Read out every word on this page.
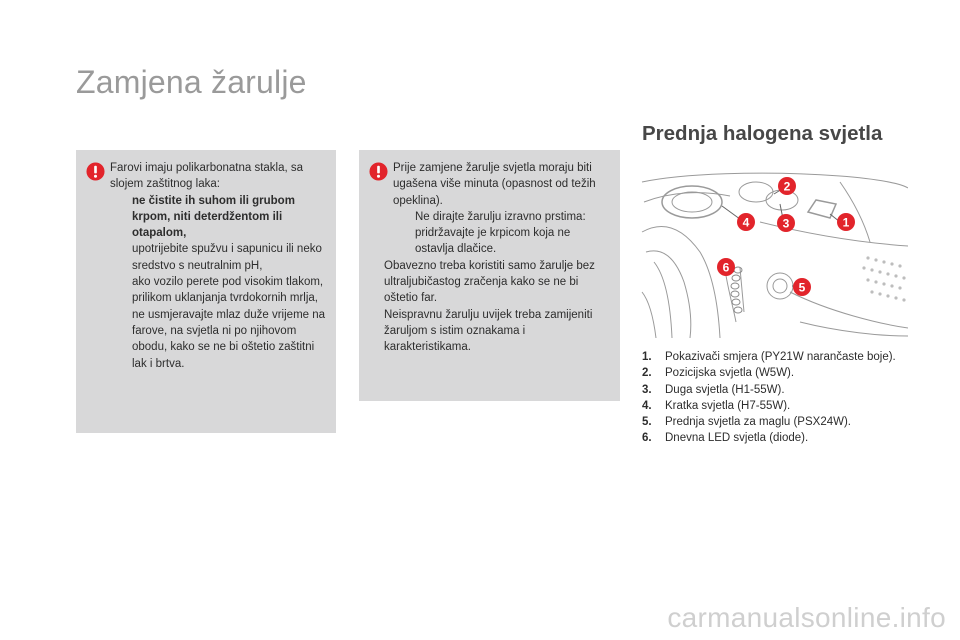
Zamjena žarulje

Farovi imaju polikarbonatna stakla, sa slojem zaštitnog laka:

ne čistite ih suhom ili grubom krpom, niti deterdžentom ili otapalom,
upotrijebite spužvu i sapunicu ili neko sredstvo s neutralnim pH,
ako vozilo perete pod visokim tlakom, prilikom uklanjanja tvrdokornih mrlja, ne usmjeravajte mlaz duže vrijeme na farove, na svjetla ni po njihovom obodu, kako se ne bi oštetio zaštitni lak i brtva.

Prije zamjene žarulje svjetla moraju biti ugašena više minuta (opasnost od težih opeklina).

Ne dirajte žarulju izravno prstima: pridržavajte je krpicom koja ne ostavlja dlačice.

Obavezno treba koristiti samo žarulje bez ultraljubičastog zračenja kako se ne bi oštetio far.

Neispravnu žarulju uvijek treba zamijeniti žaruljom s istim oznakama i karakteristikama.

Prednja halogena svjetla
1
2
3
4
5
6
1. Pokazivači smjera (PY21W narančaste boje).
2. Pozicijska svjetla (W5W).
3. Duga svjetla (H1-55W).
4. Kratka svjetla (H7-55W).
5. Prednja svjetla za maglu (PSX24W).
6. Dnevna LED svjetla (diode).
carmanualsonline.info
